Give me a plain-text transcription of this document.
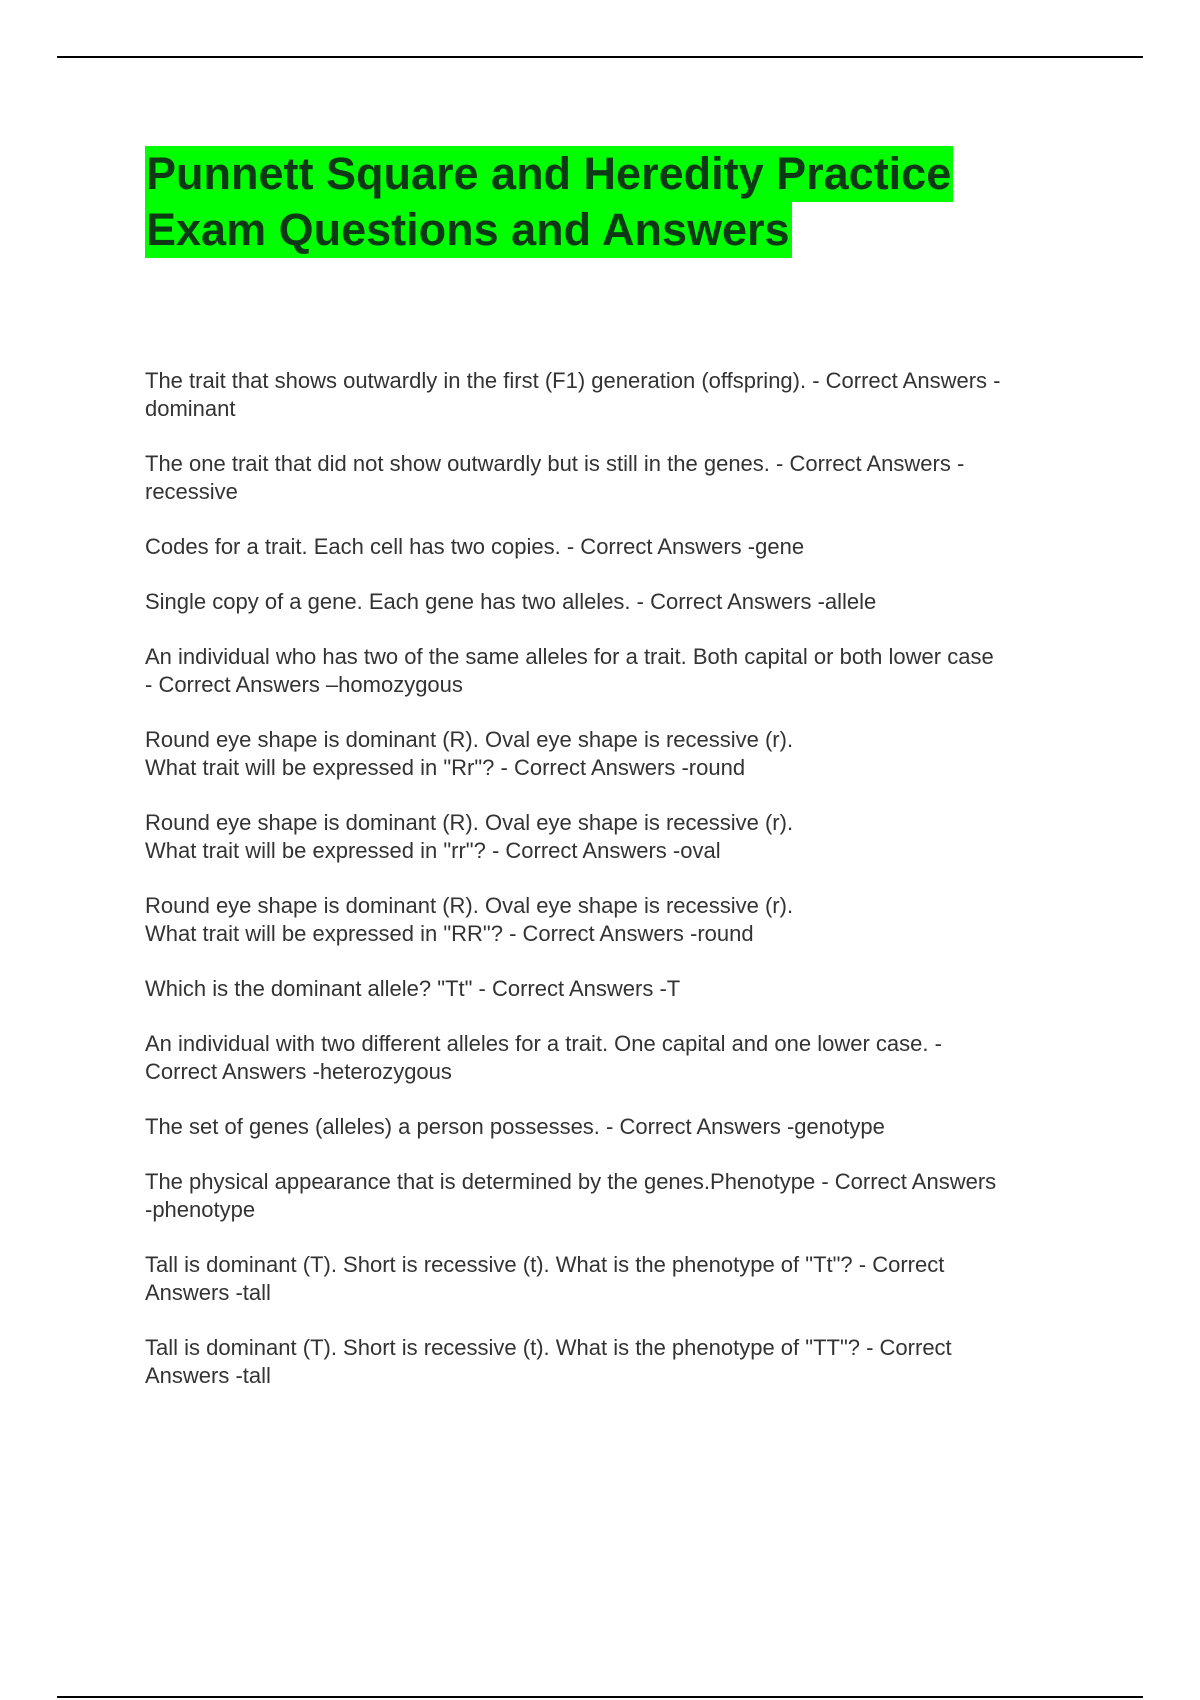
Punnett Square and Heredity Practice
Exam Questions and Answers
The trait that shows outwardly in the first (F1) generation (offspring). - Correct Answers -
dominant
The one trait that did not show outwardly but is still in the genes. - Correct Answers -
recessive
Codes for a trait. Each cell has two copies. - Correct Answers -gene
Single copy of a gene. Each gene has two alleles. - Correct Answers -allele
An individual who has two of the same alleles for a trait. Both capital or both lower case
- Correct Answers –homozygous
Round eye shape is dominant (R). Oval eye shape is recessive (r).
What trait will be expressed in "Rr"? - Correct Answers -round
Round eye shape is dominant (R). Oval eye shape is recessive (r).
What trait will be expressed in "rr"? - Correct Answers -oval
Round eye shape is dominant (R). Oval eye shape is recessive (r).
What trait will be expressed in "RR"? - Correct Answers -round
Which is the dominant allele? "Tt" - Correct Answers -T
An individual with two different alleles for a trait. One capital and one lower case. -
Correct Answers -heterozygous
The set of genes (alleles) a person possesses. - Correct Answers -genotype
The physical appearance that is determined by the genes.Phenotype - Correct Answers
-phenotype
Tall is dominant (T). Short is recessive (t). What is the phenotype of "Tt"? - Correct
Answers -tall
Tall is dominant (T). Short is recessive (t). What is the phenotype of "TT"? - Correct
Answers -tall
